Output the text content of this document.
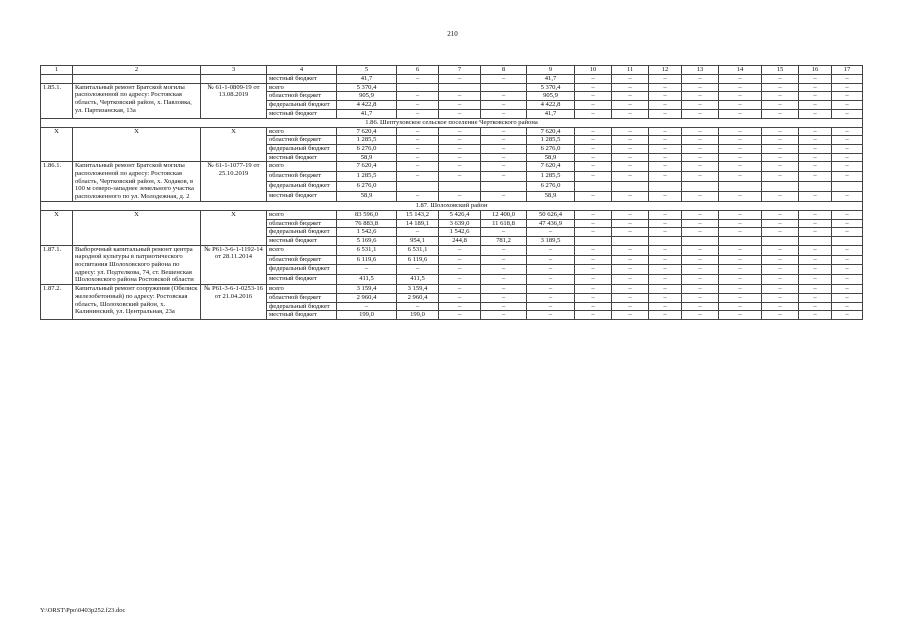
210
1	2	3	4	5	6	7	8	9	10	11	12	13	14	15	16	17
			местный бюджет	41,7	–	–	–	41,7	–	–	–	–	–	–	–	–
1.85.1.	Капитальный ремонт Братской могилы расположенной по адресу: Ростовская область, Чертковский район, х. Павловка, ул. Партизанская, 13а	№ 61-1-0809-19 от 13.08.2019	всего	5 370,4				5 370,4	–	–	–	–	–	–	–	–
			областной бюджет	905,9	–	–	–	905,9	–	–	–	–	–	–	–	–
			федеральный бюджет	4 422,8	–	–	–	4 422,8	–	–	–	–	–	–	–	–
			местный бюджет	41,7	–	–	–	41,7	–	–	–	–	–	–	–	–
1.86. Шептуховское сельское поселение Чертковского района																
X	X	X	всего	7 620,4	–	–	–	7 620,4	–	–	–	–	–	–	–	–
			областной бюджет	1 285,5	–	–	–	1 285,5	–	–	–	–	–	–	–	–
			федеральный бюджет	6 276,0	–	–	–	6 276,0	–	–	–	–	–	–	–	–
			местный бюджет	58,9	–	–	–	58,9	–	–	–	–	–	–	–	–
1.86.1.	Капитальный ремонт Братской могилы расположенной по адресу: Ростовская область, Чертковский район, х. Ходаков, в 100 м северо-западнее земельного участка расположенного по ул. Молодежная, д. 2	№ 61-1-1077-19 от 25.10.2019	всего	7 620,4	–	–	–	7 620,4	–	–	–	–	–	–	–	–
			областной бюджет	1 285,5	–	–	–	1 285,5	–	–	–	–	–	–	–	–
			федеральный бюджет	6 276,0				6 276,0								
			местный бюджет	58,9	–	–	–	58,9	–	–	–	–	–	–	–	–
1.87. Шолоховский район																
X	X	X	всего	83 596,0	15 143,2	5 426,4	12 400,0	50 626,4	–	–	–	–	–	–	–	–
			областной бюджет	76 883,8	14 189,1	3 639,0	11 618,8	47 436,9	–	–	–	–	–	–	–	–
			федеральный бюджет	1 542,6	–	1 542,6	–	–	–	–	–	–	–	–	–	–
			местный бюджет	5 169,6	954,1	244,8	781,2	3 189,5								
1.87.1.	Выборочный капитальный ремонт центра народной культуры в патриотического воспитания Шолоховского района по адресу: ул. Подтелкова, 74, ст. Вешенская Шолоховского района Ростовской области	№ Р61-3-6-1-1192-14 от 28.11.2014	всего	6 531,1	6 531,1	–	–	–	–	–	–	–	–	–	–	–
			областной бюджет	6 119,6	6 119,6	–	–	–	–	–	–	–	–	–	–	–
			федеральный бюджет	–	–	–	–	–	–	–	–	–	–	–	–	–
			местный бюджет	411,5	411,5	–	–	–	–	–	–	–	–	–	–	–
1.87.2.	Капитальный ремонт сооружения (Обелиск железобетонный) по адресу: Ростовская область, Шолоховский район, х. Калининский, ул. Центральная, 23а	№ Р61-3-6-1-0253-16 от 21.04.2016	всего	3 159,4	3 159,4	–	–	–	–	–	–	–	–	–	–	–
			областной бюджет	2 960,4	2 960,4	–	–	–	–	–	–	–	–	–	–	–
			федеральный бюджет	–	–	–	–	–	–	–	–	–	–	–	–	–
			местный бюджет	199,0	199,0	–	–	–	–	–	–	–	–	–	–	–
Y:\ORST\Ppo\0403p252.f23.doc
